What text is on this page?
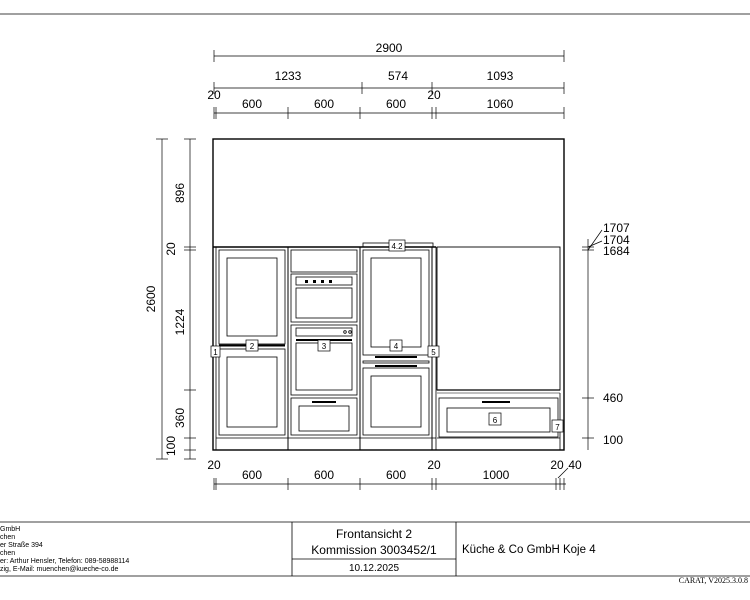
2900
1233	574	1093
20
600	600	600
20
1060
1
2	3	4
5
6
7
4.2
2600
896
20
1224
360
100
1707
1704
1684
460
100
20
600	600	600
20
1000
20 40
GmbH
chen
er Straße 394
chen
er: Arthur Hensler, Telefon: 089-58988114
zig, E-Mail: muenchen@kueche-co.de
Frontansicht 2
Kommission 3003452/1
10.12.2025
Küche & Co GmbH Koje 4
CARAT, V2025.3.0.8
